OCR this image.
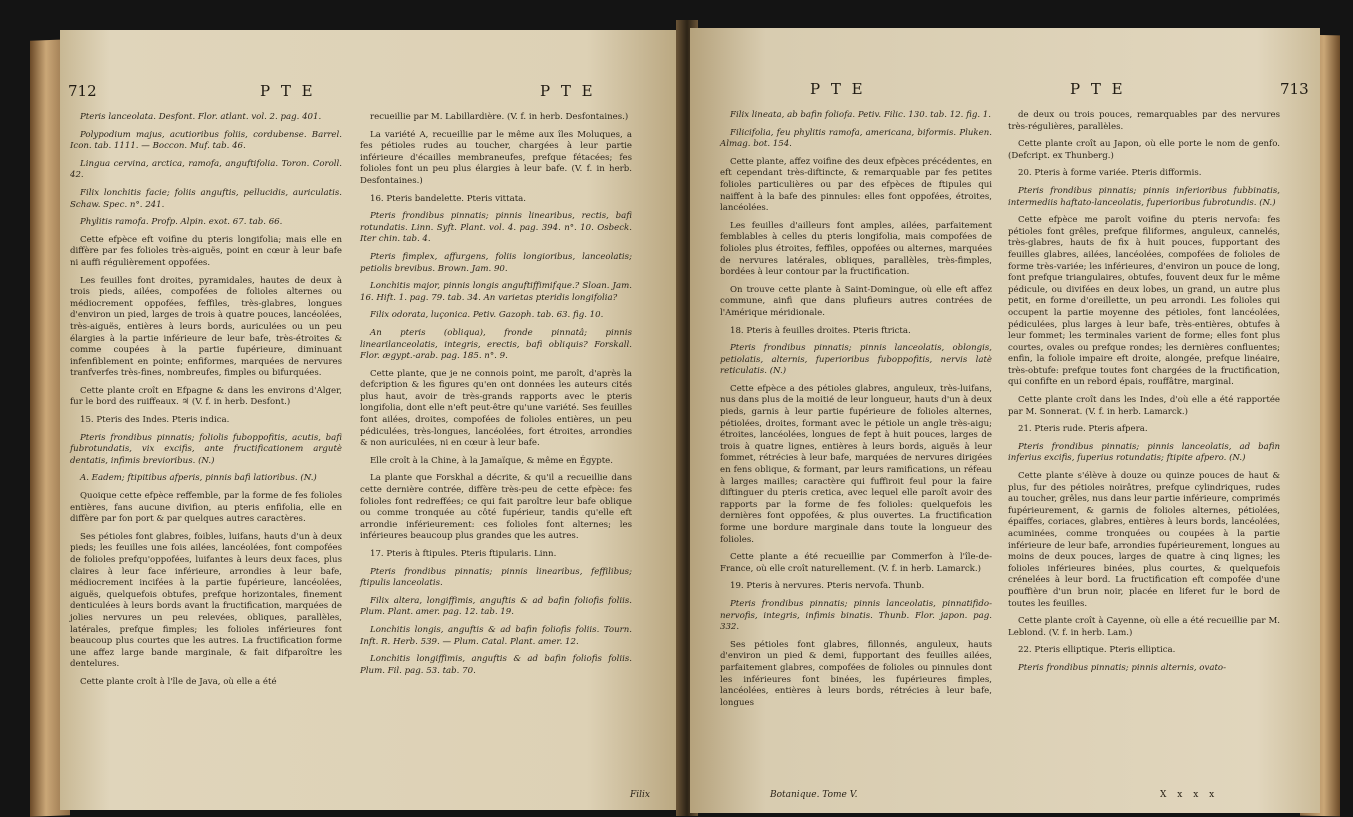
712	P T E	P T E

Pteris lanceolata. Desfont. Flor. atlant. vol. 2. pag. 401.

Polypodium majus, acutioribus foliis, cordubense. Barrel. Icon. tab. 1111. — Boccon. Muf. tab. 46.

Lingua cervina, arctica, ramofa, anguftifolia. Toron. Coroll. 42.

Filix lonchitis facie; foliis anguftis, pellucidis, auriculatis. Schaw. Spec. n°. 241.

Phylitis ramofa. Profp. Alpin. exot. 67. tab. 66.

Cette efpèce eft voifine du pteris longifolia; mais elle en diffère par fes folioles très-aiguës, point en cœur à leur bafe ni auffi régulièrement oppofées.

Les feuilles font droites, pyramidales, hautes de deux à trois pieds, ailées, compofées de folioles alternes ou médiocrement oppofées, feffiles, très-glabres, longues d'environ un pied, larges de trois à quatre pouces, lancéolées, très-aiguës, entières à leurs bords, auriculées ou un peu élargies à la partie inférieure de leur bafe, très-étroites & comme coupées à la partie fupérieure, diminuant infenfiblement en pointe; enfiformes, marquées de nervures tranfverfes très-fines, nombreufes, fimples ou bifurquées.

Cette plante croît en Efpagne & dans les environs d'Alger, fur le bord des ruiffeaux. ♃ (V. f. in herb. Desfont.)

15. Pteris des Indes. Pteris indica.

Pteris frondibus pinnatis; foliolis fuboppofitis, acutis, bafi fubrotundatis, vix excifis, ante fructificationem argutè dentatis, infimis brevioribus. (N.)

A. Eadem; ftipitibus afperis, pinnis bafi latioribus. (N.)

Quoique cette efpèce reffemble, par la forme de fes folioles entières, fans aucune divifion, au pteris enfifolia, elle en diffère par fon port & par quelques autres caractères.

Ses pétioles font glabres, foibles, luifans, hauts d'un à deux pieds; les feuilles une fois ailées, lancéolées, font compofées de folioles prefqu'oppofées, luifantes à leurs deux faces, plus claires à leur face inférieure, arrondies à leur bafe, médiocrement incifées à la partie fupérieure, lancéolées, aiguës, quelquefois obtufes, prefque horizontales, finement denticulées à leurs bords avant la fructification, marquées de jolies nervures un peu relevées, obliques, parallèles, latérales, prefque fimples; les folioles inférieures font beaucoup plus courtes que les autres. La fructification forme une affez large bande marginale, & fait difparoître les dentelures.

Cette plante croît à l'île de Java, où elle a été

recueillie par M. Labillardière. (V. f. in herb. Desfontaines.)

La variété A, recueillie par le même aux îles Moluques, a fes pétioles rudes au toucher, chargées à leur partie inférieure d'écailles membraneufes, prefque fétacées; fes folioles font un peu plus élargies à leur bafe. (V. f. in herb. Desfontaines.)

16. Pteris bandelette. Pteris vittata.

Pteris frondibus pinnatis; pinnis linearibus, rectis, bafi rotundatis. Linn. Syft. Plant. vol. 4. pag. 394. n°. 10. Osbeck. Iter chin. tab. 4.

Pteris fimplex, affurgens, foliis longioribus, lanceolatis; petiolis brevibus. Brown. Jam. 90.

Lonchitis major, pinnis longis anguftiffimifque.? Sloan. Jam. 16. Hift. 1. pag. 79. tab. 34. An varietas pteridis longifolia?

Filix odorata, luçonica. Petiv. Gazoph. tab. 63. fig. 10.

An pteris (obliqua), fronde pinnatâ; pinnis linearilanceolatis, integris, erectis, bafi obliquis? Forskall. Flor. ægypt.-arab. pag. 185. n°. 9.

Cette plante, que je ne connois point, me paroît, d'après la defcription & les figures qu'en ont données les auteurs cités plus haut, avoir de très-grands rapports avec le pteris longifolia, dont elle n'eft peut-être qu'une variété. Ses feuilles font ailées, droites, compofées de folioles entières, un peu pédiculées, très-longues, lancéolées, fort étroites, arrondies & non auriculées, ni en cœur à leur bafe.

Elle croît à la Chine, à la Jamaïque, & même en Égypte.

La plante que Forskhal a décrite, & qu'il a recueillie dans cette dernière contrée, diffère très-peu de cette efpèce: fes folioles font redreffées; ce qui fait paroître leur bafe oblique ou comme tronquée au côté fupérieur, tandis qu'elle eft arrondie inférieurement: ces folioles font alternes; les inférieures beaucoup plus grandes que les autres.

17. Pteris à ftipules. Pteris ftipularis. Linn.

Pteris frondibus pinnatis; pinnis linearibus, feffilibus; ftipulis lanceolatis.

Filix altera, longiffimis, anguftis & ad bafin foliofis foliis. Plum. Plant. amer. pag. 12. tab. 19.

Lonchitis longis, anguftis & ad bafin foliofis foliis. Tourn. Inft. R. Herb. 539. — Plum. Catal. Plant. amer. 12.

Lonchitis longiffimis, anguftis & ad bafin foliofis foliis. Plum. Fil. pag. 53. tab. 70.

Filix
P T E	P T E	713

Filix lineata, ab bafin foliofa. Petiv. Filic. 130. tab. 12. fig. 1.

Filicifolia, feu phylitis ramofa, americana, biformis. Pluken. Almag. bot. 154.

Cette plante, affez voifine des deux efpèces précédentes, en eft cependant très-diftincte, & remarquable par fes petites folioles particulières ou par des efpèces de ftipules qui naiffent à la bafe des pinnules: elles font oppofées, étroites, lancéolées.

Les feuilles d'ailleurs font amples, ailées, parfaitement femblables à celles du pteris longifolia, mais compofées de folioles plus étroites, feffiles, oppofées ou alternes, marquées de nervures latérales, obliques, parallèles, très-fimples, bordées à leur contour par la fructification.

On trouve cette plante à Saint-Domingue, où elle eft affez commune, ainfi que dans plufieurs autres contrées de l'Amérique méridionale.

18. Pteris à feuilles droites. Pteris ftricta.

Pteris frondibus pinnatis; pinnis lanceolatis, oblongis, petiolatis, alternis, fuperioribus fuboppofitis, nervis latè reticulatis. (N.)

Cette efpèce a des pétioles glabres, anguleux, très-luifans, nus dans plus de la moitié de leur longueur, hauts d'un à deux pieds, garnis à leur partie fupérieure de folioles alternes, pétiolées, droites, formant avec le pétiole un angle très-aigu; étroites, lancéolées, longues de fept à huit pouces, larges de trois à quatre lignes, entières à leurs bords, aiguës à leur fommet, rétrécies à leur bafe, marquées de nervures dirigées en fens oblique, & formant, par leurs ramifications, un réfeau à larges mailles; caractère qui fuffiroit feul pour la faire diftinguer du pteris cretica, avec lequel elle paroît avoir des rapports par la forme de fes folioles: quelquefois les dernières font oppofées, & plus ouvertes. La fructification forme une bordure marginale dans toute la longueur des folioles.

Cette plante a été recueillie par Commerfon à l'île-de-France, où elle croît naturellement. (V. f. in herb. Lamarck.)

19. Pteris à nervures. Pteris nervofa. Thunb.

Pteris frondibus pinnatis; pinnis lanceolatis, pinnatifido-nervofis, integris, infimis binatis. Thunb. Flor. japon. pag. 332.

Ses pétioles font glabres, fillonnés, anguleux, hauts d'environ un pied & demi, fupportant des feuilles ailées, parfaitement glabres, compofées de folioles ou pinnules dont les inférieures font binées, les fupérieures fimples, lancéolées, entières à leurs bords, rétrécies à leur bafe, longues

de deux ou trois pouces, remarquables par des nervures très-régulières, parallèles.

Cette plante croît au Japon, où elle porte le nom de genfo. (Defcript. ex Thunberg.)

20. Pteris à forme variée. Pteris difformis.

Pteris frondibus pinnatis; pinnis inferioribus fubbinatis, intermediis haftato-lanceolatis, fuperioribus fubrotundis. (N.)

Cette efpèce me paroît voifine du pteris nervofa: fes pétioles font grêles, prefque filiformes, anguleux, cannelés, très-glabres, hauts de fix à huit pouces, fupportant des feuilles glabres, ailées, lancéolées, compofées de folioles de forme très-variée; les inférieures, d'environ un pouce de long, font prefque triangulaires, obtufes, fouvent deux fur le même pédicule, ou divifées en deux lobes, un grand, un autre plus petit, en forme d'oreillette, un peu arrondi. Les folioles qui occupent la partie moyenne des pétioles, font lancéolées, pédiculées, plus larges à leur bafe, très-entières, obtufes à leur fommet; les terminales varient de forme; elles font plus courtes, ovales ou prefque rondes; les dernières confluentes; enfin, la foliole impaire eft droite, alongée, prefque linéaire, très-obtufe: prefque toutes font chargées de la fructification, qui confifte en un rebord épais, rouffâtre, marginal.

Cette plante croît dans les Indes, d'où elle a été rapportée par M. Sonnerat. (V. f. in herb. Lamarck.)

21. Pteris rude. Pteris afpera.

Pteris frondibus pinnatis; pinnis lanceolatis, ad bafin inferius excifis, fuperius rotundatis; ftipite afpero. (N.)

Cette plante s'élève à douze ou quinze pouces de haut & plus, fur des pétioles noirâtres, prefque cylindriques, rudes au toucher, grêles, nus dans leur partie inférieure, comprimés fupérieurement, & garnis de folioles alternes, pétiolées, épaiffes, coriaces, glabres, entières à leurs bords, lancéolées, acuminées, comme tronquées ou coupées à la partie inférieure de leur bafe, arrondies fupérieurement, longues au moins de deux pouces, larges de quatre à cinq lignes; les folioles inférieures binées, plus courtes, & quelquefois crénelées à leur bord. La fructification eft compofée d'une pouffière d'un brun noir, placée en liferet fur le bord de toutes les feuilles.

Cette plante croît à Cayenne, où elle a été recueillie par M. Leblond. (V. f. in herb. Lam.)

22. Pteris elliptique. Pteris elliptica.

Pteris frondibus pinnatis; pinnis alternis, ovato-

Botanique. Tome V.	X x x x
